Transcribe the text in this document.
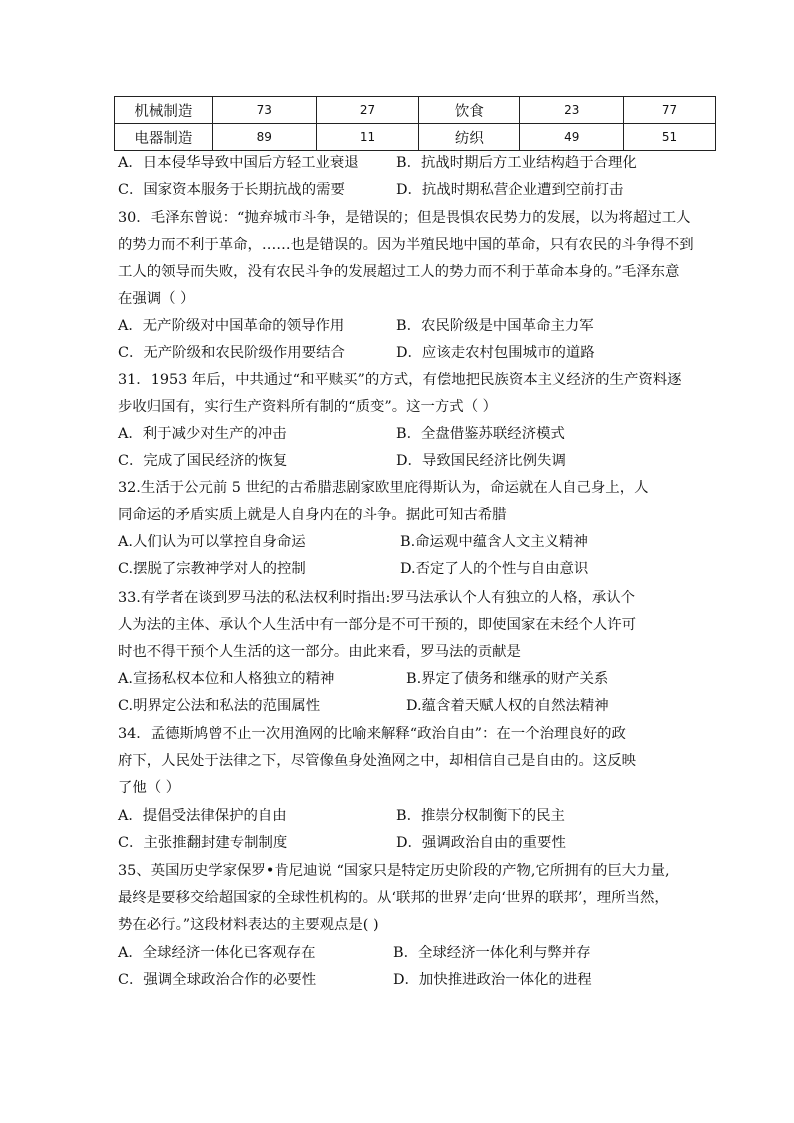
机械制造	73	27	饮食	23	77
电器制造	89	11	纺织	49	51
A．日本侵华导致中国后方轻工业衰退	B．抗战时期后方工业结构趋于合理化
C．国家资本服务于长期抗战的需要	D．抗战时期私营企业遭到空前打击
30．毛泽东曾说：“抛弃城市斗争，是错误的；但是畏惧农民势力的发展，以为将超过工人
的势力而不利于革命，……也是错误的。因为半殖民地中国的革命，只有农民的斗争得不到
工人的领导而失败，没有农民斗争的发展超过工人的势力而不利于革命本身的。”毛泽东意
在强调（ ）
A．无产阶级对中国革命的领导作用	B．农民阶级是中国革命主力军
C．无产阶级和农民阶级作用要结合	D．应该走农村包围城市的道路
31．1953 年后，中共通过“和平赎买”的方式，有偿地把民族资本主义经济的生产资料逐
步收归国有，实行生产资料所有制的“质变”。这一方式（ ）
A．利于减少对生产的冲击	B．全盘借鉴苏联经济模式
C．完成了国民经济的恢复	D．导致国民经济比例失调
32.生活于公元前 5 世纪的古希腊悲剧家欧里庇得斯认为，命运就在人自己身上，人
同命运的矛盾实质上就是人自身内在的斗争。据此可知古希腊
A.人们认为可以掌控自身命运	B.命运观中蕴含人文主义精神
C.摆脱了宗教神学对人的控制	D.否定了人的个性与自由意识
33.有学者在谈到罗马法的私法权利时指出:罗马法承认个人有独立的人格，承认个
人为法的主体、承认个人生活中有一部分是不可干预的，即使国家在未经个人许可
时也不得干预个人生活的这一部分。由此来看，罗马法的贡献是
A.宣扬私权本位和人格独立的精神	B.界定了债务和继承的财产关系
C.明界定公法和私法的范围属性	D.蕴含着天赋人权的自然法精神
34．孟德斯鸠曾不止一次用渔网的比喻来解释“政治自由”：在一个治理良好的政
府下，人民处于法律之下，尽管像鱼身处渔网之中，却相信自己是自由的。这反映
了他（ ）
A．提倡受法律保护的自由	B．推崇分权制衡下的民主
C．主张推翻封建专制制度	D．强调政治自由的重要性
35、英国历史学家保罗•肯尼迪说 “国家只是特定历史阶段的产物,它所拥有的巨大力量,
最终是要移交给超国家的全球性机构的。从‘联邦的世界’走向‘世界的联邦’，理所当然，
势在必行。”这段材料表达的主要观点是( )
A．全球经济一体化已客观存在	B．全球经济一体化利与弊并存
C．强调全球政治合作的必要性	D．加快推进政治一体化的进程
